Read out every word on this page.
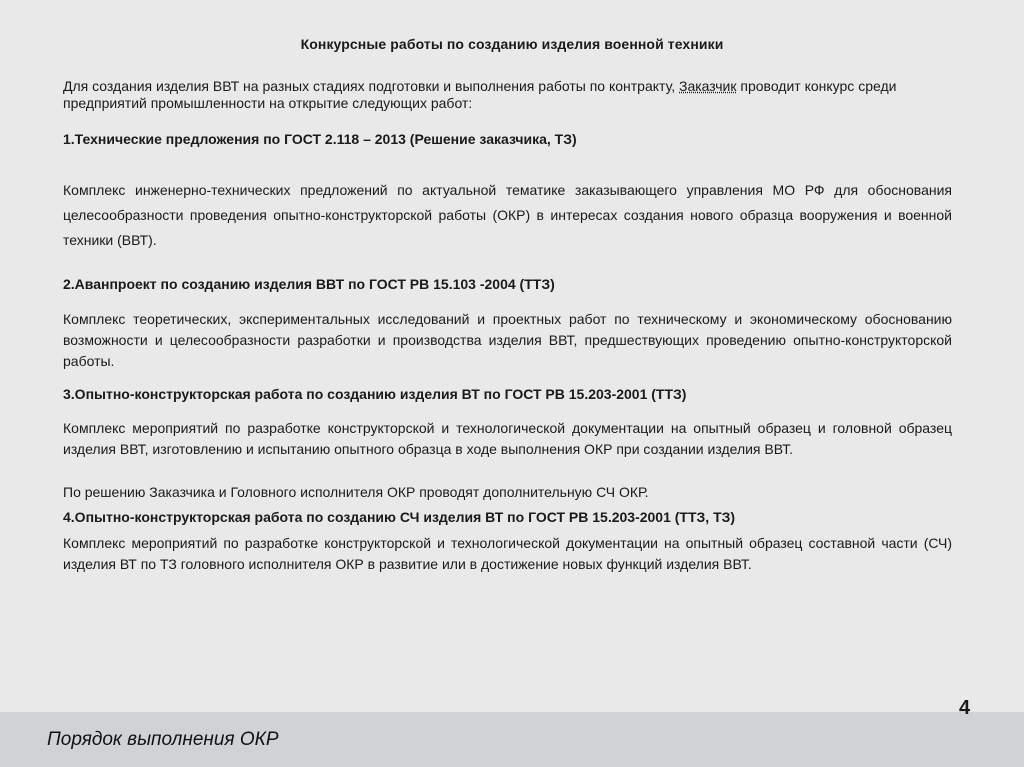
Конкурсные работы по созданию изделия военной техники
Для создания изделия ВВТ на разных стадиях подготовки и выполнения работы по контракту, Заказчик проводит конкурс среди предприятий промышленности на открытие следующих работ:
1.Технические предложения по ГОСТ 2.118 – 2013 (Решение заказчика, ТЗ)
Комплекс инженерно-технических предложений по актуальной тематике заказывающего управления МО РФ для обоснования целесообразности проведения опытно-конструкторской работы (ОКР) в интересах создания нового образца вооружения и военной техники (ВВТ).
2.Аванпроект по созданию изделия ВВТ по ГОСТ РВ 15.103 -2004 (ТТЗ)
Комплекс теоретических, экспериментальных исследований и проектных работ по техническому и экономическому обоснованию возможности и целесообразности разработки и производства изделия ВВТ, предшествующих проведению опытно-конструкторской работы.
3.Опытно-конструкторская работа по созданию изделия ВТ по ГОСТ РВ 15.203-2001 (ТТЗ)
Комплекс мероприятий по разработке конструкторской и технологической документации на опытный образец и головной образец изделия ВВТ, изготовлению и испытанию опытного образца в ходе выполнения ОКР при создании изделия ВВТ.
По решению Заказчика и Головного исполнителя ОКР проводят дополнительную СЧ ОКР.
4.Опытно-конструкторская работа по созданию СЧ изделия ВТ по ГОСТ РВ 15.203-2001 (ТТЗ, ТЗ)
Комплекс мероприятий по разработке конструкторской и технологической документации на опытный образец составной части (СЧ) изделия ВТ по ТЗ головного исполнителя ОКР в развитие или в достижение новых функций изделия ВВТ.
4
Порядок выполнения ОКР
